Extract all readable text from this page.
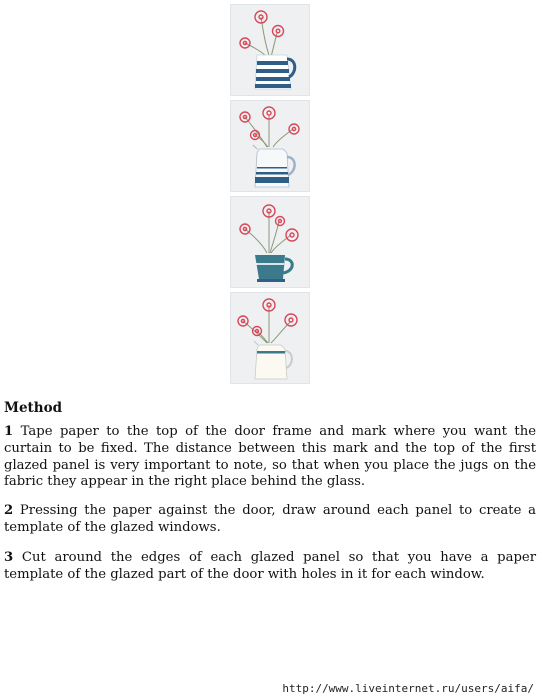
Method

1 Tape paper to the top of the door frame and mark where you want the curtain to be fixed. The distance between this mark and the top of the first glazed panel is very important to note, so that when you place the jugs on the fabric they appear in the right place behind the glass.

2 Pressing the paper against the door, draw around each panel to create a template of the glazed windows.

3 Cut around the edges of each glazed panel so that you have a paper template of the glazed part of the door with holes in it for each window.

http://www.liveinternet.ru/users/aifa/
